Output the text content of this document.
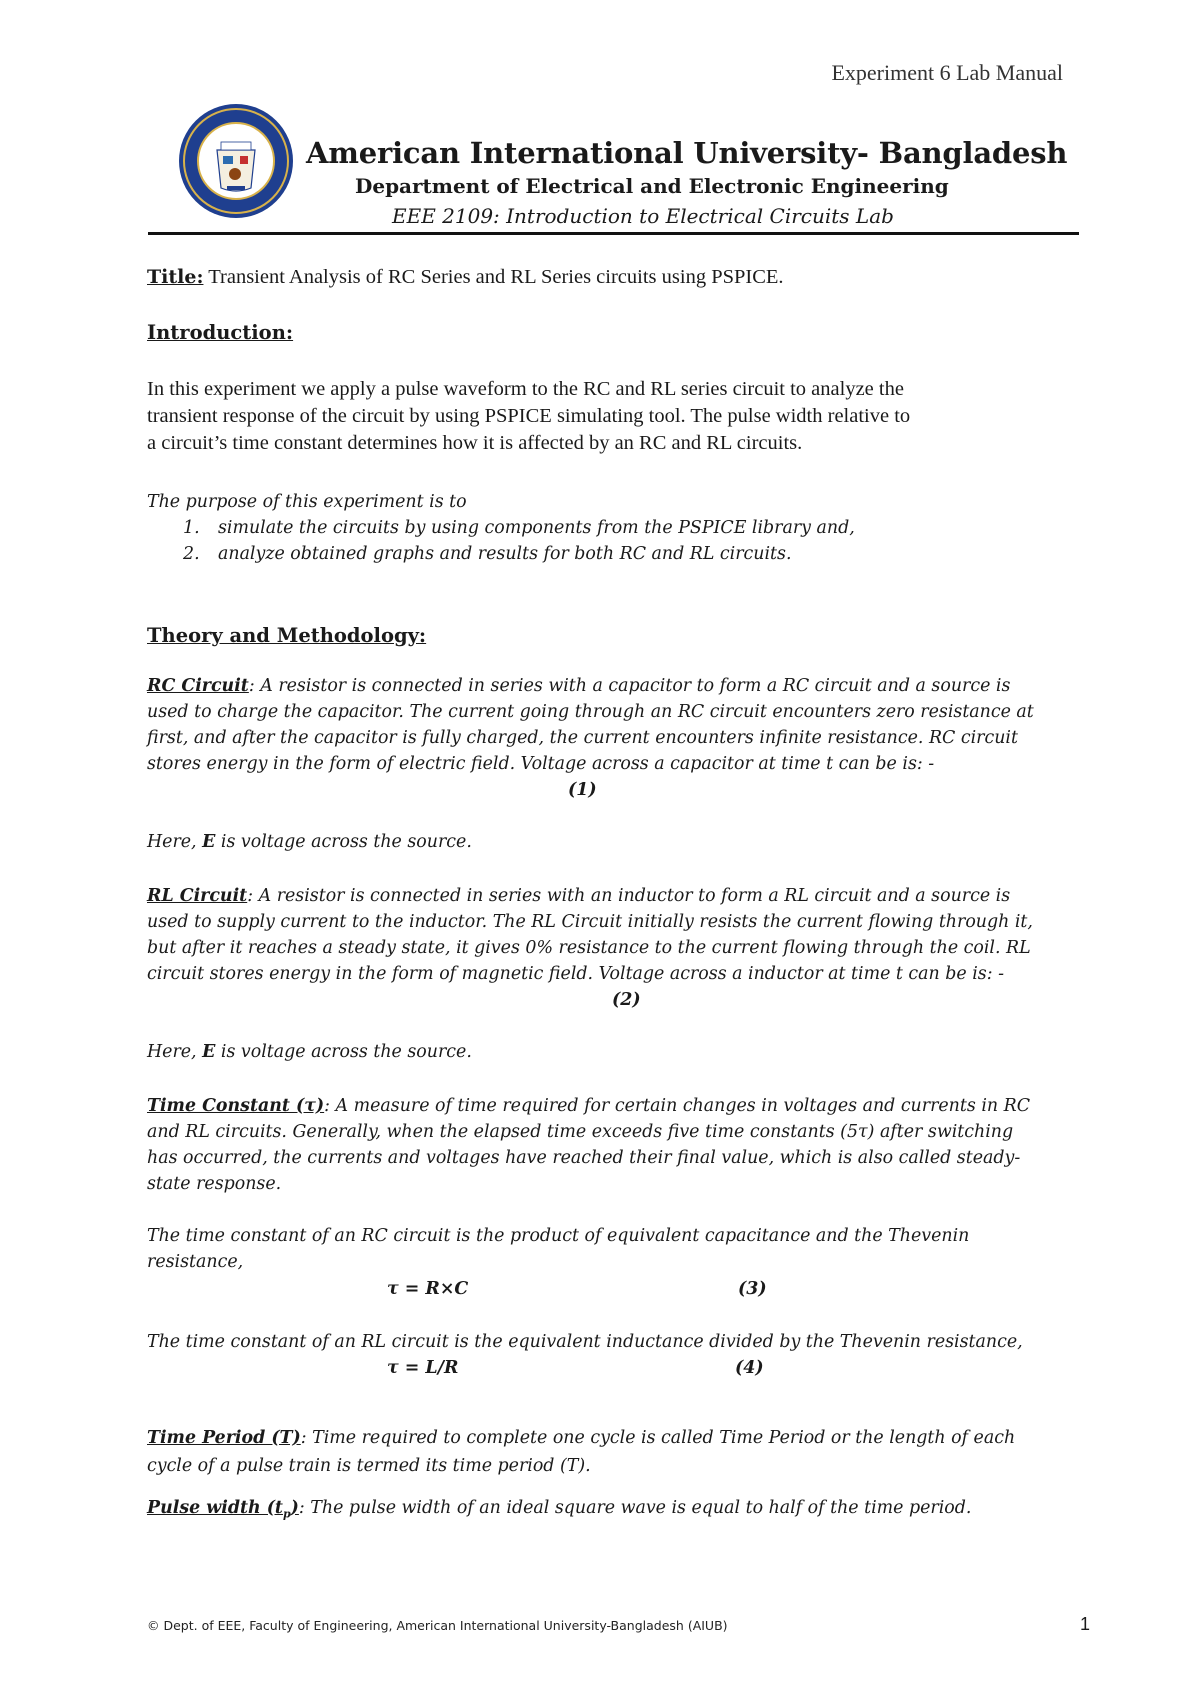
Experiment 6 Lab Manual
American International University- Bangladesh
Department of Electrical and Electronic Engineering
EEE 2109: Introduction to Electrical Circuits Lab
Title: Transient Analysis of RC Series and RL Series circuits using PSPICE.
Introduction:
In this experiment we apply a pulse waveform to the RC and RL series circuit to analyze the
transient response of the circuit by using PSPICE simulating tool. The pulse width relative to
a circuit’s time constant determines how it is affected by an RC and RL circuits.
The purpose of this experiment is to
1. simulate the circuits by using components from the PSPICE library and,
2. analyze obtained graphs and results for both RC and RL circuits.
Theory and Methodology:
RC Circuit: A resistor is connected in series with a capacitor to form a RC circuit and a source is
used to charge the capacitor. The current going through an RC circuit encounters zero resistance at
first, and after the capacitor is fully charged, the current encounters infinite resistance. RC circuit
stores energy in the form of electric field. Voltage across a capacitor at time t can be is: -
(1)
Here, E is voltage across the source.
RL Circuit: A resistor is connected in series with an inductor to form a RL circuit and a source is
used to supply current to the inductor. The RL Circuit initially resists the current flowing through it,
but after it reaches a steady state, it gives 0% resistance to the current flowing through the coil. RL
circuit stores energy in the form of magnetic field. Voltage across a inductor at time t can be is: -
(2)
Here, E is voltage across the source.
Time Constant (τ): A measure of time required for certain changes in voltages and currents in RC
and RL circuits. Generally, when the elapsed time exceeds five time constants (5τ) after switching
has occurred, the currents and voltages have reached their final value, which is also called steady-
state response.
The time constant of an RC circuit is the product of equivalent capacitance and the Thevenin
resistance,
τ = R×C	(3)
The time constant of an RL circuit is the equivalent inductance divided by the Thevenin resistance,
τ = L/R	(4)
Time Period (T): Time required to complete one cycle is called Time Period or the length of each
cycle of a pulse train is termed its time period (T).
Pulse width $(t_p)$: The pulse width of an ideal square wave is equal to half of the time period.
© Dept. of EEE, Faculty of Engineering, American International University-Bangladesh (AIUB)	1
